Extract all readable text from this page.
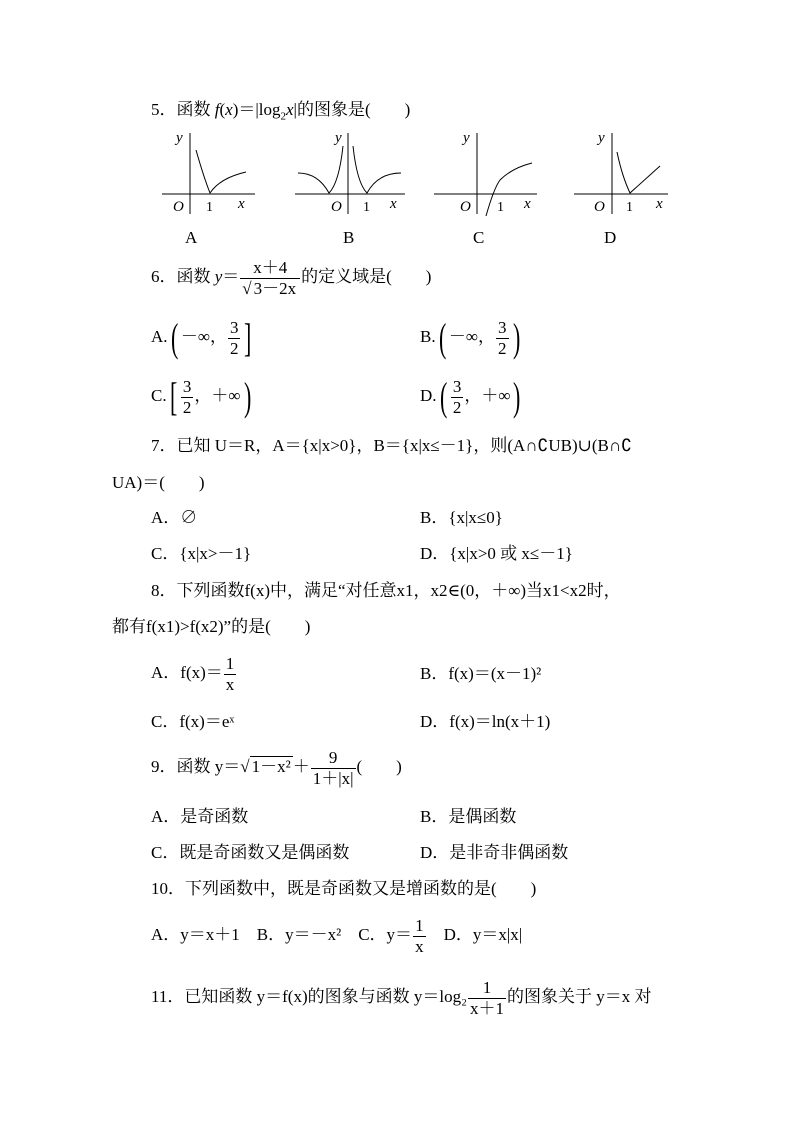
5．函数 $f(x)=|\log_2x|$的图象是(　　)
y
O 1 x
y
O 1 x
y
O 1 x
y
O 1 x
A	B	C	D
6．函数 $y= \frac{x+4}{√ 3-2x}$ 的定义域是(　　)
A.( －∞， $\frac{3}{2}$ ]	B.( －∞， $\frac{3}{2}$ )
$C.[ \frac{3}{2}$ ，＋∞)	$D.( \frac{3}{2}$ ，＋∞)
7．已知 U＝R，A＝{x|x>0}，B＝{x|x≤－1}，则(A∩∁UB)∪(B∩∁
UA)＝(　　)
A．∅	B．{x|x≤0}
C．{x|x>－1}	D．{x|x>0 或 x≤－1}
8．下列函数f(x)中，满足“对任意x1，x2∈(0，＋∞)当x1<x2时，
都有f(x1)>f(x2)”的是(　　)
A．$f(x)= \frac{1}{x}$	B．f(x)＝(x－1)²
C．f(x)＝eˣ	D．f(x)＝ln(x＋1)
9．函数 y＝√ $1-x^2 + \frac{9}{1+|x|}$ (　　)
A．是奇函数	B．是偶函数
C．既是奇函数又是偶函数	D．是非奇非偶函数
10．下列函数中，既是奇函数又是增函数的是(　　)
A．y＝x＋1　 B．y＝－x²　 C．$y= \frac{1}{x}$
　 D．y＝x|x|
11．已知函数 y＝f(x)的图象与函数 $y=\log_2 \frac{1}{x+1}$ 的图象关于 y＝x 对
